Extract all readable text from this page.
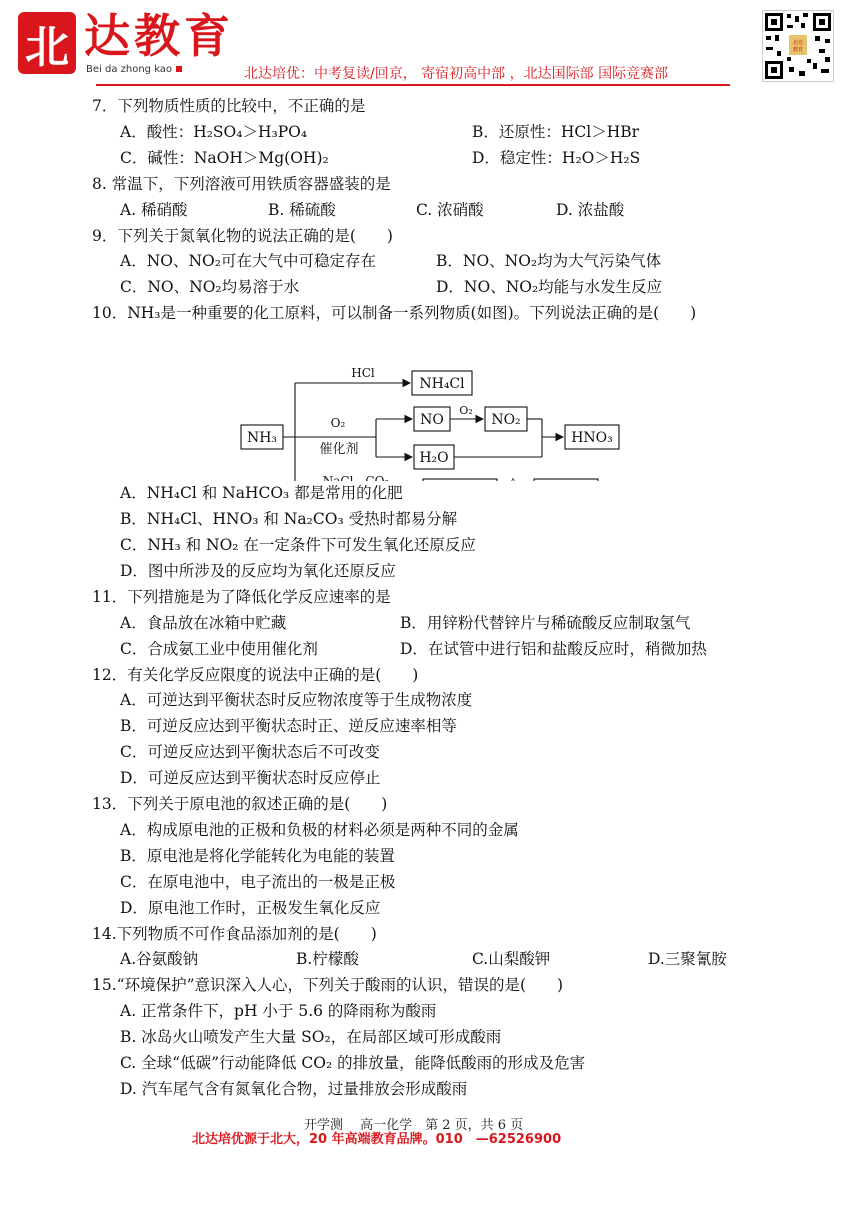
北 达教育
Bei da zhong kao	北达培优：中考复读/回京， 寄宿初高中部 ，北达国际部 国际竞赛部
北达
教育
7．下列物质性质的比较中，不正确的是
A．酸性：H₂SO₄＞H₃PO₄	B．还原性：HCl＞HBr
C．碱性：NaOH＞Mg(OH)₂	D．稳定性：H₂O＞H₂S
8. 常温下，下列溶液可用铁质容器盛装的是
A. 稀硝酸	B. 稀硫酸	C. 浓硝酸	D. 浓盐酸
9．下列关于氮氧化物的说法正确的是(　　)
A．NO、NO₂可在大气中可稳定存在	B．NO、NO₂均为大气污染气体
C．NO、NO₂均易溶于水	D．NO、NO₂均能与水发生反应
10．NH₃是一种重要的化工原料，可以制备一系列物质(如图)。下列说法正确的是(　　)
NH₃
HCl
NH₄Cl
O₂
催化剂
NO
O₂
NO₂
H₂O
HNO₃
NaCl、CO₂
A．NH₄Cl 和 NaHCO₃ 都是常用的化肥
B．NH₄Cl、HNO₃ 和 Na₂CO₃ 受热时都易分解
C．NH₃ 和 NO₂ 在一定条件下可发生氧化还原反应
D．图中所涉及的反应均为氧化还原反应
11．下列措施是为了降低化学反应速率的是
A．食品放在冰箱中贮藏	B．用锌粉代替锌片与稀硫酸反应制取氢气
C．合成氨工业中使用催化剂	D．在试管中进行铝和盐酸反应时，稍微加热
12．有关化学反应限度的说法中正确的是(　　)
A．可逆达到平衡状态时反应物浓度等于生成物浓度
B．可逆反应达到平衡状态时正、逆反应速率相等
C．可逆反应达到平衡状态后不可改变
D．可逆反应达到平衡状态时反应停止
13．下列关于原电池的叙述正确的是(　　)
A．构成原电池的正极和负极的材料必须是两种不同的金属
B．原电池是将化学能转化为电能的装置
C．在原电池中，电子流出的一极是正极
D．原电池工作时，正极发生氧化反应
14.下列物质不可作食品添加剂的是(　　)
A.谷氨酸钠	B.柠檬酸	C.山梨酸钾	D.三聚氰胺
15.“环境保护”意识深入人心，下列关于酸雨的认识，错误的是(　　)
A. 正常条件下，pH 小于 5.6 的降雨称为酸雨
B. 冰岛火山喷发产生大量 SO₂，在局部区域可形成酸雨
C. 全球“低碳”行动能降低 CO₂ 的排放量，能降低酸雨的形成及危害
D. 汽车尾气含有氮氧化合物，过量排放会形成酸雨
开学测　 高一化学　第 2 页，共 6 页
北达培优源于北大，20 年高端教育品牌。010　—62526900
